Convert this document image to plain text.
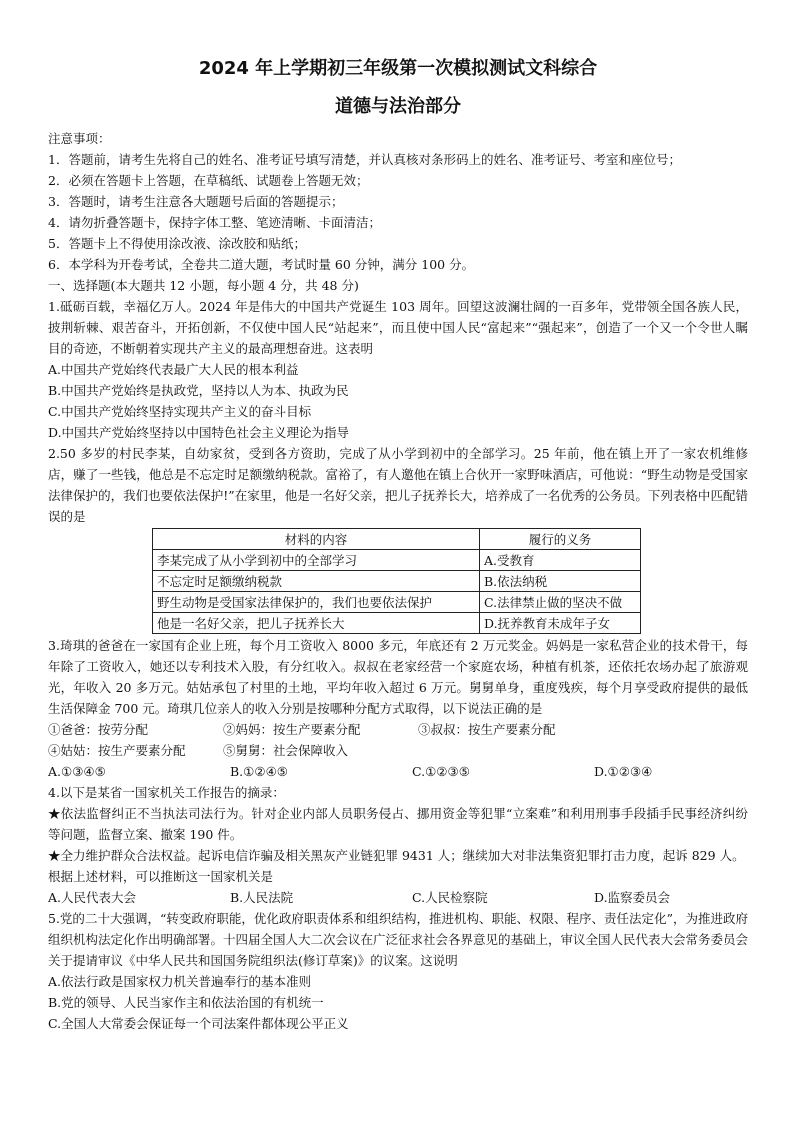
2024 年上学期初三年级第一次模拟测试文科综合
道德与法治部分
注意事项：
1．答题前，请考生先将自己的姓名、准考证号填写清楚，并认真核对条形码上的姓名、准考证号、考室和座位号；
2．必须在答题卡上答题，在草稿纸、试题卷上答题无效；
3．答题时，请考生注意各大题题号后面的答题提示；
4．请勿折叠答题卡，保持字体工整、笔迹清晰、卡面清洁；
5．答题卡上不得使用涂改液、涂改胶和贴纸；
6．本学科为开卷考试，全卷共二道大题，考试时量 60 分钟，满分 100 分。
一、选择题(本大题共 12 小题，每小题 4 分，共 48 分)
1.砥砺百载，幸福亿万人。2024 年是伟大的中国共产党诞生 103 周年。回望这波澜壮阔的一百多年，党带领全国各族人民，披荆斩棘、艰苦奋斗，开拓创新，不仅使中国人民“站起来”，而且使中国人民“富起来”“强起来”，创造了一个又一个令世人瞩目的奇迹，不断朝着实现共产主义的最高理想奋进。这表明
A.中国共产党始终代表最广大人民的根本利益
B.中国共产党始终是执政党，坚持以人为本、执政为民
C.中国共产党始终坚持实现共产主义的奋斗目标
D.中国共产党始终坚持以中国特色社会主义理论为指导
2.50 多岁的村民李某，自幼家贫，受到各方资助，完成了从小学到初中的全部学习。25 年前，他在镇上开了一家农机维修店，赚了一些钱，他总是不忘定时足额缴纳税款。富裕了，有人邀他在镇上合伙开一家野味酒店，可他说：“野生动物是受国家法律保护的，我们也要依法保护!”在家里，他是一名好父亲，把儿子抚养长大，培养成了一名优秀的公务员。下列表格中匹配错误的是
材料的内容	履行的义务
李某完成了从小学到初中的全部学习	A.受教育
不忘定时足额缴纳税款	B.依法纳税
野生动物是受国家法律保护的，我们也要依法保护	C.法律禁止做的坚决不做
他是一名好父亲，把儿子抚养长大	D.抚养教育未成年子女
3.琦琪的爸爸在一家国有企业上班，每个月工资收入 8000 多元，年底还有 2 万元奖金。妈妈是一家私营企业的技术骨干，每年除了工资收入，她还以专利技术入股，有分红收入。叔叔在老家经营一个家庭农场，种植有机茶，还依托农场办起了旅游观光，年收入 20 多万元。姑姑承包了村里的土地，平均年收入超过 6 万元。舅舅单身，重度残疾，每个月享受政府提供的最低生活保障金 700 元。琦琪几位亲人的收入分别是按哪种分配方式取得，以下说法正确的是
①爸爸：按劳分配	②妈妈：按生产要素分配	③叔叔：按生产要素分配
④姑姑：按生产要素分配	⑤舅舅：社会保障收入
A.①③④⑤	B.①②④⑤	C.①②③⑤	D.①②③④
4.以下是某省一国家机关工作报告的摘录：
★依法监督纠正不当执法司法行为。针对企业内部人员职务侵占、挪用资金等犯罪“立案难”和利用刑事手段插手民事经济纠纷等问题，监督立案、撤案 190 件。
★全力维护群众合法权益。起诉电信诈骗及相关黑灰产业链犯罪 9431 人；继续加大对非法集资犯罪打击力度，起诉 829 人。
根据上述材料，可以推断这一国家机关是
A.人民代表大会	B.人民法院	C.人民检察院	D.监察委员会
5.党的二十大强调，“转变政府职能，优化政府职责体系和组织结构，推进机构、职能、权限、程序、责任法定化”，为推进政府组织机构法定化作出明确部署。十四届全国人大二次会议在广泛征求社会各界意见的基础上，审议全国人民代表大会常务委员会关于提请审议《中华人民共和国国务院组织法(修订草案)》的议案。这说明
A.依法行政是国家权力机关普遍奉行的基本准则
B.党的领导、人民当家作主和依法治国的有机统一
C.全国人大常委会保证每一个司法案件都体现公平正义
